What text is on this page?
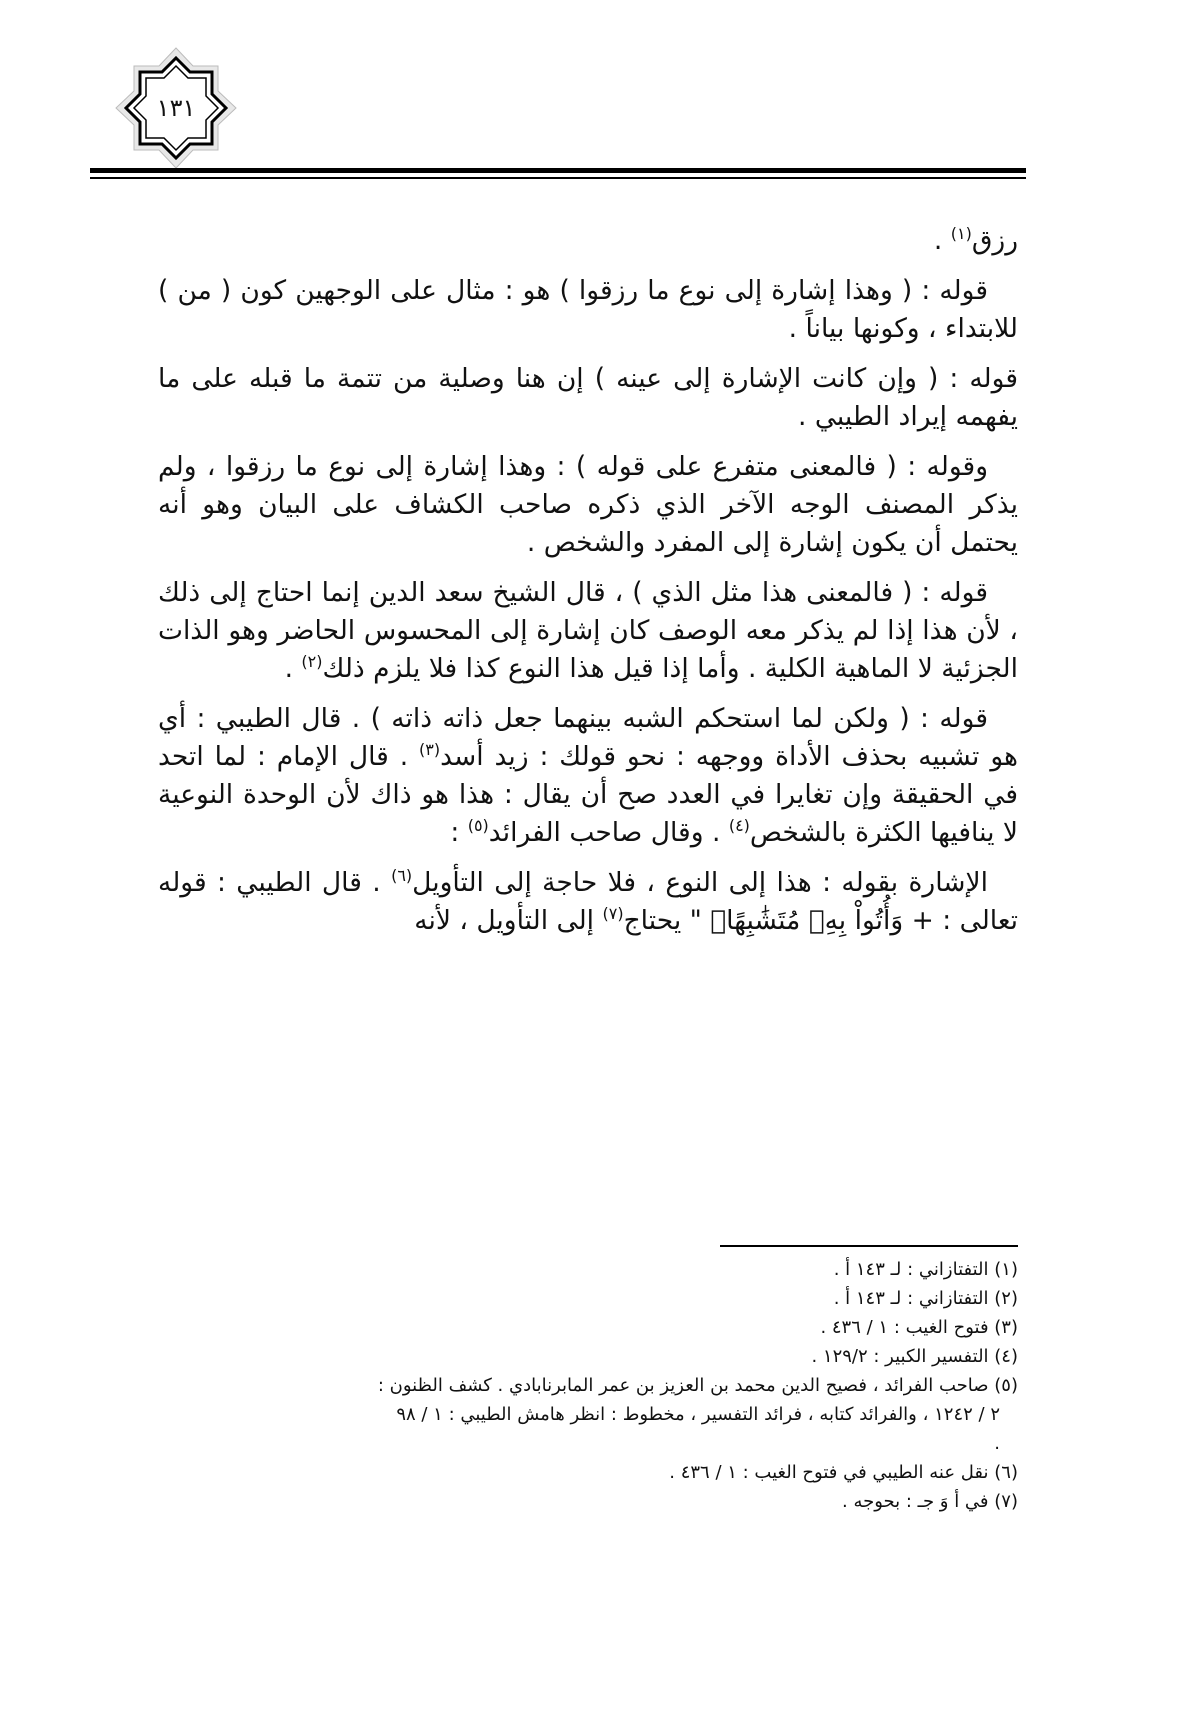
١٣١

رزق$^{(١)}$ .

قوله : ( وهذا إشارة إلى نوع ما رزقوا ) هو : مثال على الوجهين كون ( من ) للابتداء ، وكونها بياناً .

قوله : ( وإن كانت الإشارة إلى عينه ) إن هنا وصلية من تتمة ما قبله على ما يفهمه إيراد الطيبي .

وقوله : ( فالمعنى متفرع على قوله ) : وهذا إشارة إلى نوع ما رزقوا ، ولم يذكر المصنف الوجه الآخر الذي ذكره صاحب الكشاف على البيان وهو أنه يحتمل أن يكون إشارة إلى المفرد والشخص .

قوله : ( فالمعنى هذا مثل الذي ) ، قال الشيخ سعد الدين إنما احتاج إلى ذلك ، لأن هذا إذا لم يذكر معه الوصف كان إشارة إلى المحسوس الحاضر وهو الذات الجزئية لا الماهية الكلية . وأما إذا قيل هذا النوع كذا فلا يلزم ذلك$^{(٢)}$ .

قوله : ( ولكن لما استحكم الشبه بينهما جعل ذاته ذاته ) . قال الطيبي : أي هو تشبيه بحذف الأداة ووجهه : نحو قولك : زيد أسد$^{(٣)}$ . قال الإمام : لما اتحد في الحقيقة وإن تغايرا في العدد صح أن يقال : هذا هو ذاك لأن الوحدة النوعية لا ينافيها الكثرة بالشخص$^{(٤)}$ . وقال صاحب الفرائد$^{(٥)}$ :

الإشارة بقوله : هذا إلى النوع ، فلا حاجة إلى التأويل$^{(٦)}$ . قال الطيبي : قوله تعالى : + وَأُتُواْ بِهِۦ مُتَشَٰبِهًاۖ " يحتاج$^{(٧)}$ إلى التأويل ، لأنه

(١) التفتازاني : لـ ١٤٣ أ .

(٢) التفتازاني : لـ ١٤٣ أ .

(٣) فتوح الغيب : ١ / ٤٣٦ .

(٤) التفسير الكبير : ١٢٩/٢ .

(٥) صاحب الفرائد ، فصيح الدين محمد بن العزيز بن عمر المابرنابادي . كشف الظنون :

٢ / ١٢٤٢ ، والفرائد كتابه ، فرائد التفسير ، مخطوط : انظر هامش الطيبي : ١ / ٩٨

.

(٦) نقل عنه الطيبي في فتوح الغيب : ١ / ٤٣٦ .

(٧) في أ وَ جـ : بحوجه .
